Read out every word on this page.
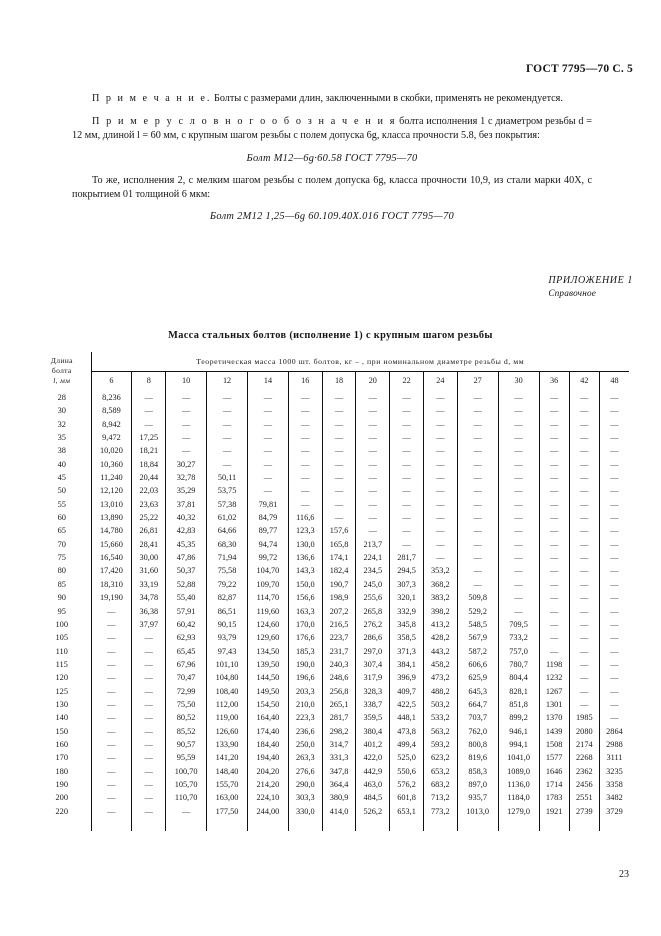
ГОСТ 7795—70 С. 5

П р и м е ч а н и е. Болты с размерами длин, заключенными в скобки, применять не рекомендуется.

П р и м е р у с л о в н о г о о б о з н а ч е н и я болта исполнения 1 с диаметром резьбы d = 12 мм, длиной l = 60 мм, с крупным шагом резьбы с полем допуска 6g, класса прочности 5.8, без покрытия:

Болт М12—6g·60.58 ГОСТ 7795—70

То же, исполнения 2, с мелким шагом резьбы с полем допуска 6g, класса прочности 10,9, из стали марки 40Х, с покрытием 01 толщиной 6 мкм:

Болт 2М12 1,25—6g 60.109.40Х.016 ГОСТ 7795—70
ПРИЛОЖЕНИЕ 1
Справочное
Масса стальных болтов (исполнение 1) с крупным шагом резьбы
Длина
болта
l, мм	Теоретическая масса 1000 шт. болтов, кг – , при номинальном диаметре резьбы d, мм														
	6	8	10	12	14	16	18	20	22	24	27	30	36	42	48
28	8,236	—	—	—	—	—	—	—	—	—	—	—	—	—	—
30	8,589	—	—	—	—	—	—	—	—	—	—	—	—	—	—
32	8,942	—	—	—	—	—	—	—	—	—	—	—	—	—	—
35	9,472	17,25	—	—	—	—	—	—	—	—	—	—	—	—	—
38	10,020	18,21	—	—	—	—	—	—	—	—	—	—	—	—	—
40	10,360	18,84	30,27	—	—	—	—	—	—	—	—	—	—	—	—
45	11,240	20,44	32,78	50,11	—	—	—	—	—	—	—	—	—	—	—
50	12,120	22,03	35,29	53,75	—	—	—	—	—	—	—	—	—	—	—
55	13,010	23,63	37,81	57,38	79,81	—	—	—	—	—	—	—	—	—	—
60	13,890	25,22	40,32	61,02	84,79	116,6	—	—	—	—	—	—	—	—	—
65	14,780	26,81	42,83	64,66	89,77	123,3	157,6	—	—	—	—	—	—	—	—
70	15,660	28,41	45,35	68,30	94,74	130,0	165,8	213,7	—	—	—	—	—	—	—
75	16,540	30,00	47,86	71,94	99,72	136,6	174,1	224,1	281,7	—	—	—	—	—	—
80	17,420	31,60	50,37	75,58	104,70	143,3	182,4	234,5	294,5	353,2	—	—	—	—	—
85	18,310	33,19	52,88	79,22	109,70	150,0	190,7	245,0	307,3	368,2	—	—	—	—	—
90	19,190	34,78	55,40	82,87	114,70	156,6	198,9	255,6	320,1	383,2	509,8	—	—	—	—
95	—	36,38	57,91	86,51	119,60	163,3	207,2	265,8	332,9	398,2	529,2	—	—	—	—
100	—	37,97	60,42	90,15	124,60	170,0	216,5	276,2	345,8	413,2	548,5	709,5	—	—	—
105	—	—	62,93	93,79	129,60	176,6	223,7	286,6	358,5	428,2	567,9	733,2	—	—	—
110	—	—	65,45	97,43	134,50	185,3	231,7	297,0	371,3	443,2	587,2	757,0	—	—	—
115	—	—	67,96	101,10	139,50	190,0	240,3	307,4	384,1	458,2	606,6	780,7	1198	—	—
120	—	—	70,47	104,80	144,50	196,6	248,6	317,9	396,9	473,2	625,9	804,4	1232	—	—
125	—	—	72,99	108,40	149,50	203,3	256,8	328,3	409,7	488,2	645,3	828,1	1267	—	—
130	—	—	75,50	112,00	154,50	210,0	265,1	338,7	422,5	503,2	664,7	851,8	1301	—	—
140	—	—	80,52	119,00	164,40	223,3	281,7	359,5	448,1	533,2	703,7	899,2	1370	1985	—
150	—	—	85,52	126,60	174,40	236,6	298,2	380,4	473,8	563,2	762,0	946,1	1439	2080	2864
160	—	—	90,57	133,90	184,40	250,0	314,7	401,2	499,4	593,2	800,8	994,1	1508	2174	2988
170	—	—	95,59	141,20	194,40	263,3	331,3	422,0	525,0	623,2	819,6	1041,0	1577	2268	3111
180	—	—	100,70	148,40	204,20	276,6	347,8	442,9	550,6	653,2	858,3	1089,0	1646	2362	3235
190	—	—	105,70	155,70	214,20	290,0	364,4	463,0	576,2	683,2	897,0	1136,0	1714	2456	3358
200	—	—	110,70	163,00	224,10	303,3	380,9	484,5	601,8	713,2	935,7	1184,0	1783	2551	3482
220	—	—	—	177,50	244,00	330,0	414,0	526,2	653,1	773,2	1013,0	1279,0	1921	2739	3729

23
